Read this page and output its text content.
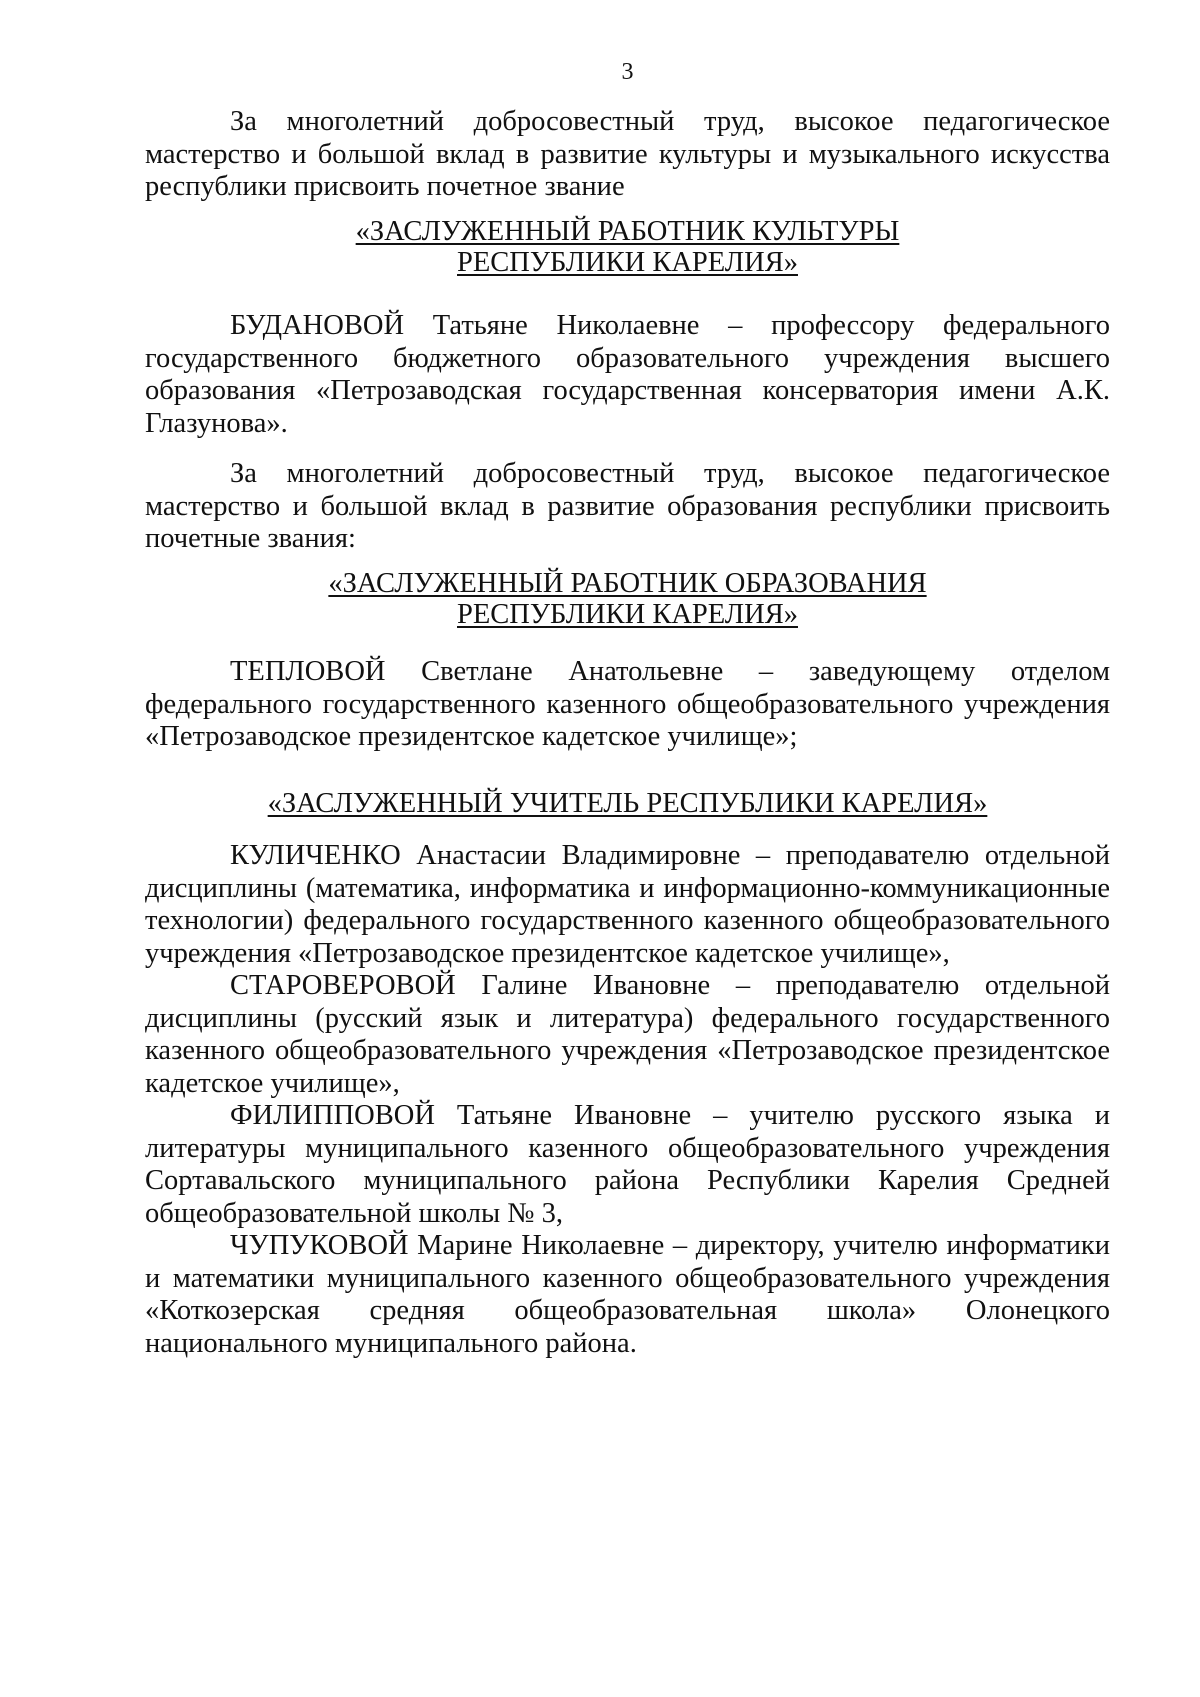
3

За многолетний добросовестный труд, высокое педагогическое мастерство и большой вклад в развитие культуры и музыкального искусства республики присвоить почетное звание

«ЗАСЛУЖЕННЫЙ РАБОТНИК КУЛЬТУРЫ
РЕСПУБЛИКИ КАРЕЛИЯ»

БУДАНОВОЙ Татьяне Николаевне – профессору федерального государственного бюджетного образовательного учреждения высшего образования «Петрозаводская государственная консерватория имени А.К. Глазунова».

За многолетний добросовестный труд, высокое педагогическое мастерство и большой вклад в развитие образования республики присвоить почетные звания:

«ЗАСЛУЖЕННЫЙ РАБОТНИК ОБРАЗОВАНИЯ
РЕСПУБЛИКИ КАРЕЛИЯ»

ТЕПЛОВОЙ Светлане Анатольевне – заведующему отделом федерального государственного казенного общеобразовательного учреждения «Петрозаводское президентское кадетское училище»;

«ЗАСЛУЖЕННЫЙ УЧИТЕЛЬ РЕСПУБЛИКИ КАРЕЛИЯ»

КУЛИЧЕНКО Анастасии Владимировне – преподавателю отдельной дисциплины (математика, информатика и информационно-коммуникационные технологии) федерального государственного казенного общеобразовательного учреждения «Петрозаводское президентское кадетское училище»,

СТАРОВЕРОВОЙ Галине Ивановне – преподавателю отдельной дисциплины (русский язык и литература) федерального государственного казенного общеобразовательного учреждения «Петрозаводское президентское кадетское училище»,

ФИЛИППОВОЙ Татьяне Ивановне – учителю русского языка и литературы муниципального казенного общеобразовательного учреждения Сортавальского муниципального района Республики Карелия Средней общеобразовательной школы № 3,

ЧУПУКОВОЙ Марине Николаевне – директору, учителю информатики и математики муниципального казенного общеобразовательного учреждения «Коткозерская средняя общеобразовательная школа» Олонецкого национального муниципального района.
